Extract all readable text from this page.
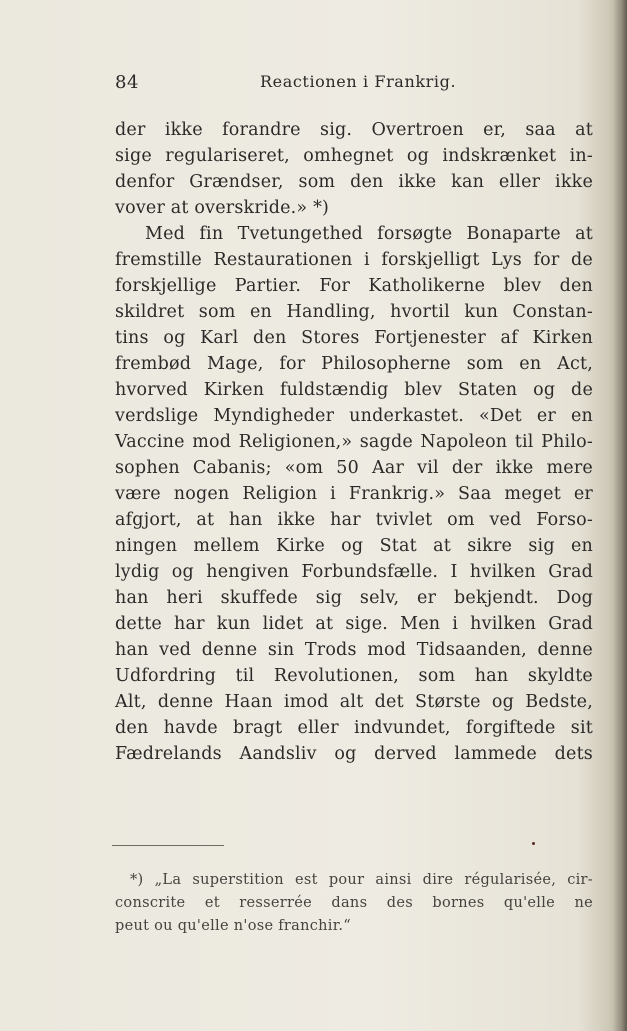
84	Reactionen i Frankrig.
der ikke forandre sig. Overtroen er, saa at
sige regulariseret, omhegnet og indskrænket in-
denfor Grændser, som den ikke kan eller ikke
vover at overskride.» *)
Med fin Tvetungethed forsøgte Bonaparte at
fremstille Restaurationen i forskjelligt Lys for de
forskjellige Partier. For Katholikerne blev den
skildret som en Handling, hvortil kun Constan-
tins og Karl den Stores Fortjenester af Kirken
frembød Mage, for Philosopherne som en Act,
hvorved Kirken fuldstændig blev Staten og de
verdslige Myndigheder underkastet. «Det er en
Vaccine mod Religionen,» sagde Napoleon til Philo-
sophen Cabanis; «om 50 Aar vil der ikke mere
være nogen Religion i Frankrig.» Saa meget er
afgjort, at han ikke har tvivlet om ved Forso-
ningen mellem Kirke og Stat at sikre sig en
lydig og hengiven Forbundsfælle. I hvilken Grad
han heri skuffede sig selv, er bekjendt. Dog
dette har kun lidet at sige. Men i hvilken Grad
han ved denne sin Trods mod Tidsaanden, denne
Udfordring til Revolutionen, som han skyldte
Alt, denne Haan imod alt det Største og Bedste,
den havde bragt eller indvundet, forgiftede sit
Fædrelands Aandsliv og derved lammede dets
*) „La superstition est pour ainsi dire régularisée, cir-
conscrite et resserrée dans des bornes qu'elle ne
peut ou qu'elle n'ose franchir.“
